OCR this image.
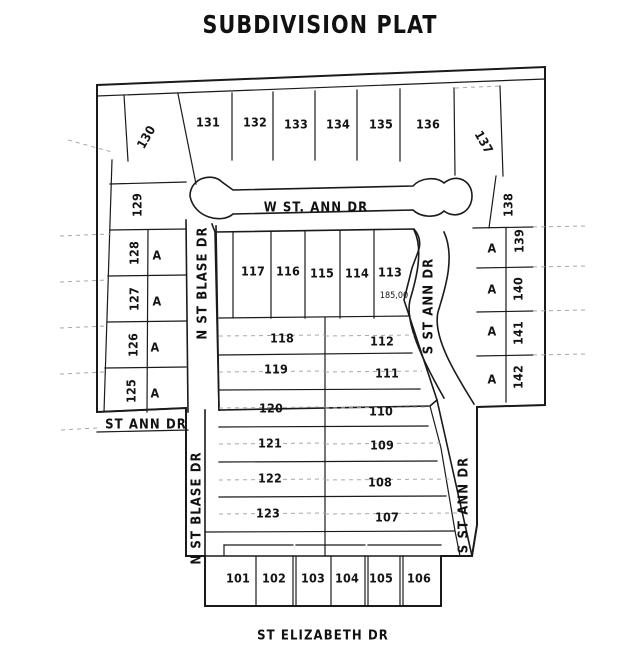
SUBDIVISION PLAT
130
131 132 133 134 135 136
137
129
128 A
127 A
126 A
125 A
138
139
A
140
A
141
A
142
A
117 116 115 114 113
185,00
118	112
119	111
120	110
121	109
122	108
123	107
101 102 103 104 105 106
W ST. ANN DR
N ST BLASE DR	S ST ANN DR
ST ANN DR
N ST BLASE DR	S ST ANN DR
ST ELIZABETH DR
